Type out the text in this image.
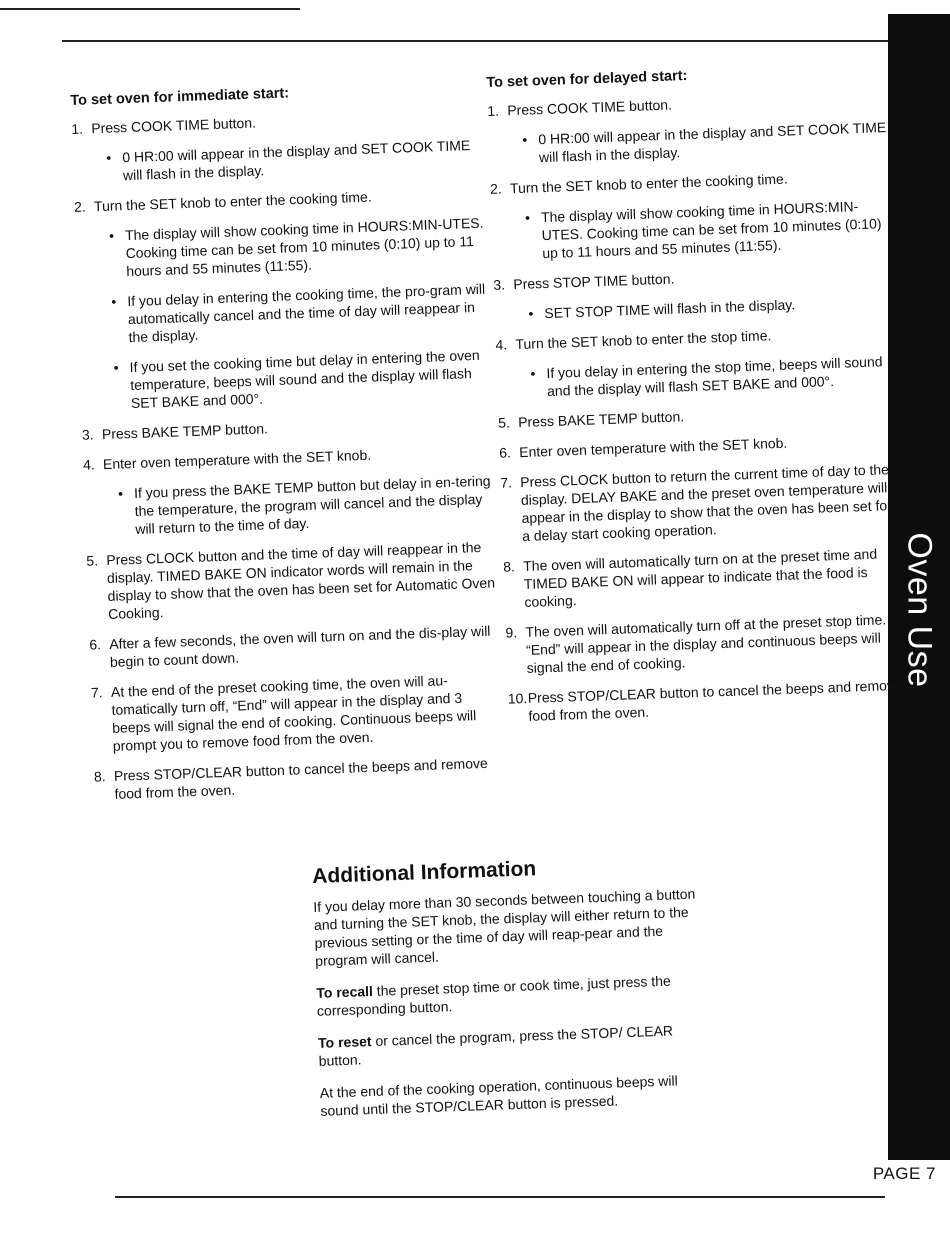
Oven Use
To set oven for immediate start:
1. Press COOK TIME button.
• 0 HR:00 will appear in the display and SET COOK TIME will flash in the display.
2. Turn the SET knob to enter the cooking time.
• The display will show cooking time in HOURS:MIN-UTES. Cooking time can be set from 10 minutes (0:10) up to 11 hours and 55 minutes (11:55).
• If you delay in entering the cooking time, the pro-gram will automatically cancel and the time of day will reappear in the display.
• If you set the cooking time but delay in entering the oven temperature, beeps will sound and the display will flash SET BAKE and 000°.
3. Press BAKE TEMP button.
4. Enter oven temperature with the SET knob.
• If you press the BAKE TEMP button but delay in en-tering the temperature, the program will cancel and the display will return to the time of day.
5. Press CLOCK button and the time of day will reappear in the display. TIMED BAKE ON indicator words will remain in the display to show that the oven has been set for Automatic Oven Cooking.
6. After a few seconds, the oven will turn on and the dis-play will begin to count down.
7. At the end of the preset cooking time, the oven will au-tomatically turn off, “End” will appear in the display and 3 beeps will signal the end of cooking. Continuous beeps will prompt you to remove food from the oven.
8. Press STOP/CLEAR button to cancel the beeps and remove food from the oven.
To set oven for delayed start:
1. Press COOK TIME button.
• 0 HR:00 will appear in the display and SET COOK TIME will flash in the display.
2. Turn the SET knob to enter the cooking time.
• The display will show cooking time in HOURS:MIN-UTES. Cooking time can be set from 10 minutes (0:10) up to 11 hours and 55 minutes (11:55).
3. Press STOP TIME button.
• SET STOP TIME will flash in the display.
4. Turn the SET knob to enter the stop time.
• If you delay in entering the stop time, beeps will sound and the display will flash SET BAKE and 000°.
5. Press BAKE TEMP button.
6. Enter oven temperature with the SET knob.
7. Press CLOCK button to return the current time of day to the display. DELAY BAKE and the preset oven temperature will appear in the display to show that the oven has been set for a delay start cooking operation.
8. The oven will automatically turn on at the preset time and TIMED BAKE ON will appear to indicate that the food is cooking.
9. The oven will automatically turn off at the preset stop time. “End” will appear in the display and continuous beeps will signal the end of cooking.
10. Press STOP/CLEAR button to cancel the beeps and remove food from the oven.
Additional Information

If you delay more than 30 seconds between touching a button and turning the SET knob, the display will either return to the previous setting or the time of day will reap-pear and the program will cancel.

To recall the preset stop time or cook time, just press the corresponding button.

To reset or cancel the program, press the STOP/ CLEAR button.

At the end of the cooking operation, continuous beeps will sound until the STOP/CLEAR button is pressed.

PAGE 7
